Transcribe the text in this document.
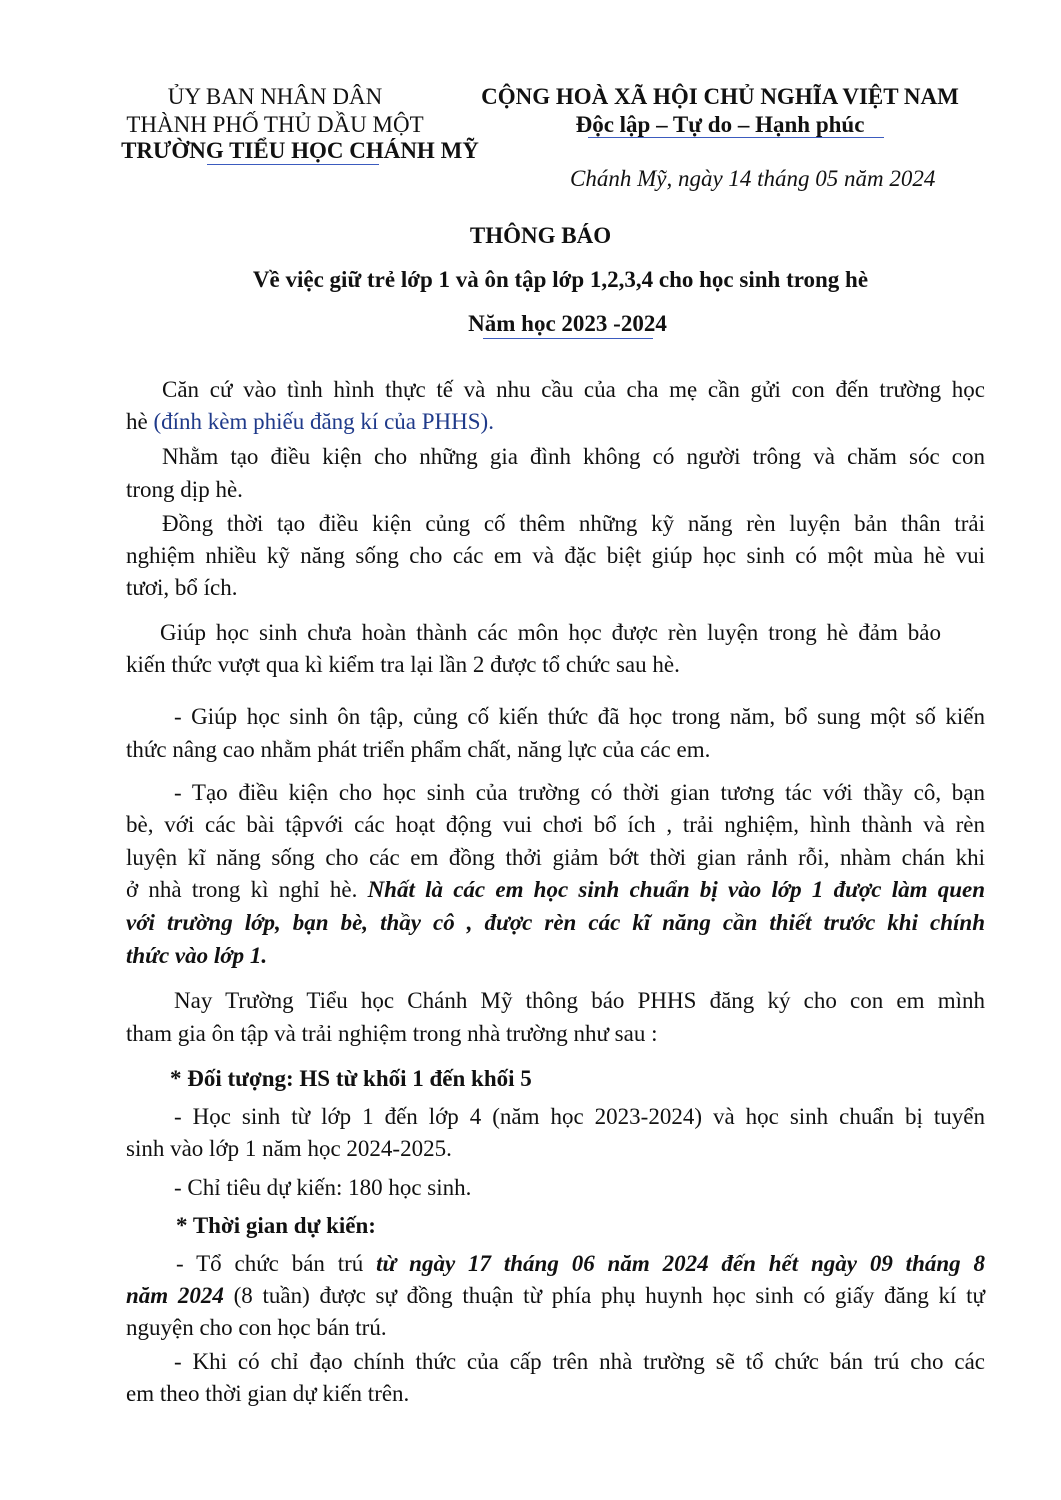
ỦY BAN NHÂN DÂN
THÀNH PHỐ THỦ DẦU MỘT
TRƯỜNG TIỂU HỌC CHÁNH MỸ
CỘNG HOÀ XÃ HỘI CHỦ NGHĨA VIỆT NAM
Độc lập – Tự do – Hạnh phúc
Chánh Mỹ, ngày 14 tháng 05 năm 2024
THÔNG BÁO
Về việc giữ trẻ lớp 1 và ôn tập lớp 1,2,3,4 cho học sinh trong hè
Năm học 2023 -2024
Căn cứ vào tình hình thực tế và nhu cầu của cha mẹ cần gửi con đến trường học
hè (đính kèm phiếu đăng kí của PHHS).
Nhằm tạo điều kiện cho những gia đình không có người trông và chăm sóc con
trong dịp hè.
Đồng thời tạo điều kiện củng cố thêm những kỹ năng rèn luyện bản thân trải
nghiệm nhiều kỹ năng sống cho các em và đặc biệt giúp học sinh có một mùa hè vui
tươi, bổ ích.
Giúp học sinh chưa hoàn thành các môn học được rèn luyện trong hè đảm bảo
kiến thức vượt qua kì kiểm tra lại lần 2 được tổ chức sau hè.
- Giúp học sinh ôn tập, củng cố kiến thức đã học trong năm, bổ sung một số kiến
thức nâng cao nhằm phát triển phẩm chất, năng lực của các em.
- Tạo điều kiện cho học sinh của trường có thời gian tương tác với thầy cô, bạn
bè, với các bài tậpvới các hoạt động vui chơi bổ ích , trải nghiệm, hình thành và rèn
luyện kĩ năng sống cho các em đồng thởi giảm bớt thời gian rảnh rỗi, nhàm chán khi
ở nhà trong kì nghỉ hè. Nhất là các em học sinh chuẩn bị vào lớp 1 được làm quen
với trường lớp, bạn bè, thầy cô , được rèn các kĩ năng cần thiết trước khi chính
thức vào lớp 1.
Nay Trường Tiểu học Chánh Mỹ thông báo PHHS đăng ký cho con em mình
tham gia ôn tập và trải nghiệm trong nhà trường như sau :
* Đối tượng: HS từ khối 1 đến khối 5
- Học sinh từ lớp 1 đến lớp 4 (năm học 2023-2024) và học sinh chuẩn bị tuyển
sinh vào lớp 1 năm học 2024-2025.
- Chỉ tiêu dự kiến: 180 học sinh.
* Thời gian dự kiến:
- Tổ chức bán trú từ ngày 17 tháng 06 năm 2024 đến hết ngày 09 tháng 8
năm 2024 (8 tuần) được sự đồng thuận từ phía phụ huynh học sinh có giấy đăng kí tự
nguyện cho con học bán trú.
- Khi có chỉ đạo chính thức của cấp trên nhà trường sẽ tổ chức bán trú cho các
em theo thời gian dự kiến trên.
